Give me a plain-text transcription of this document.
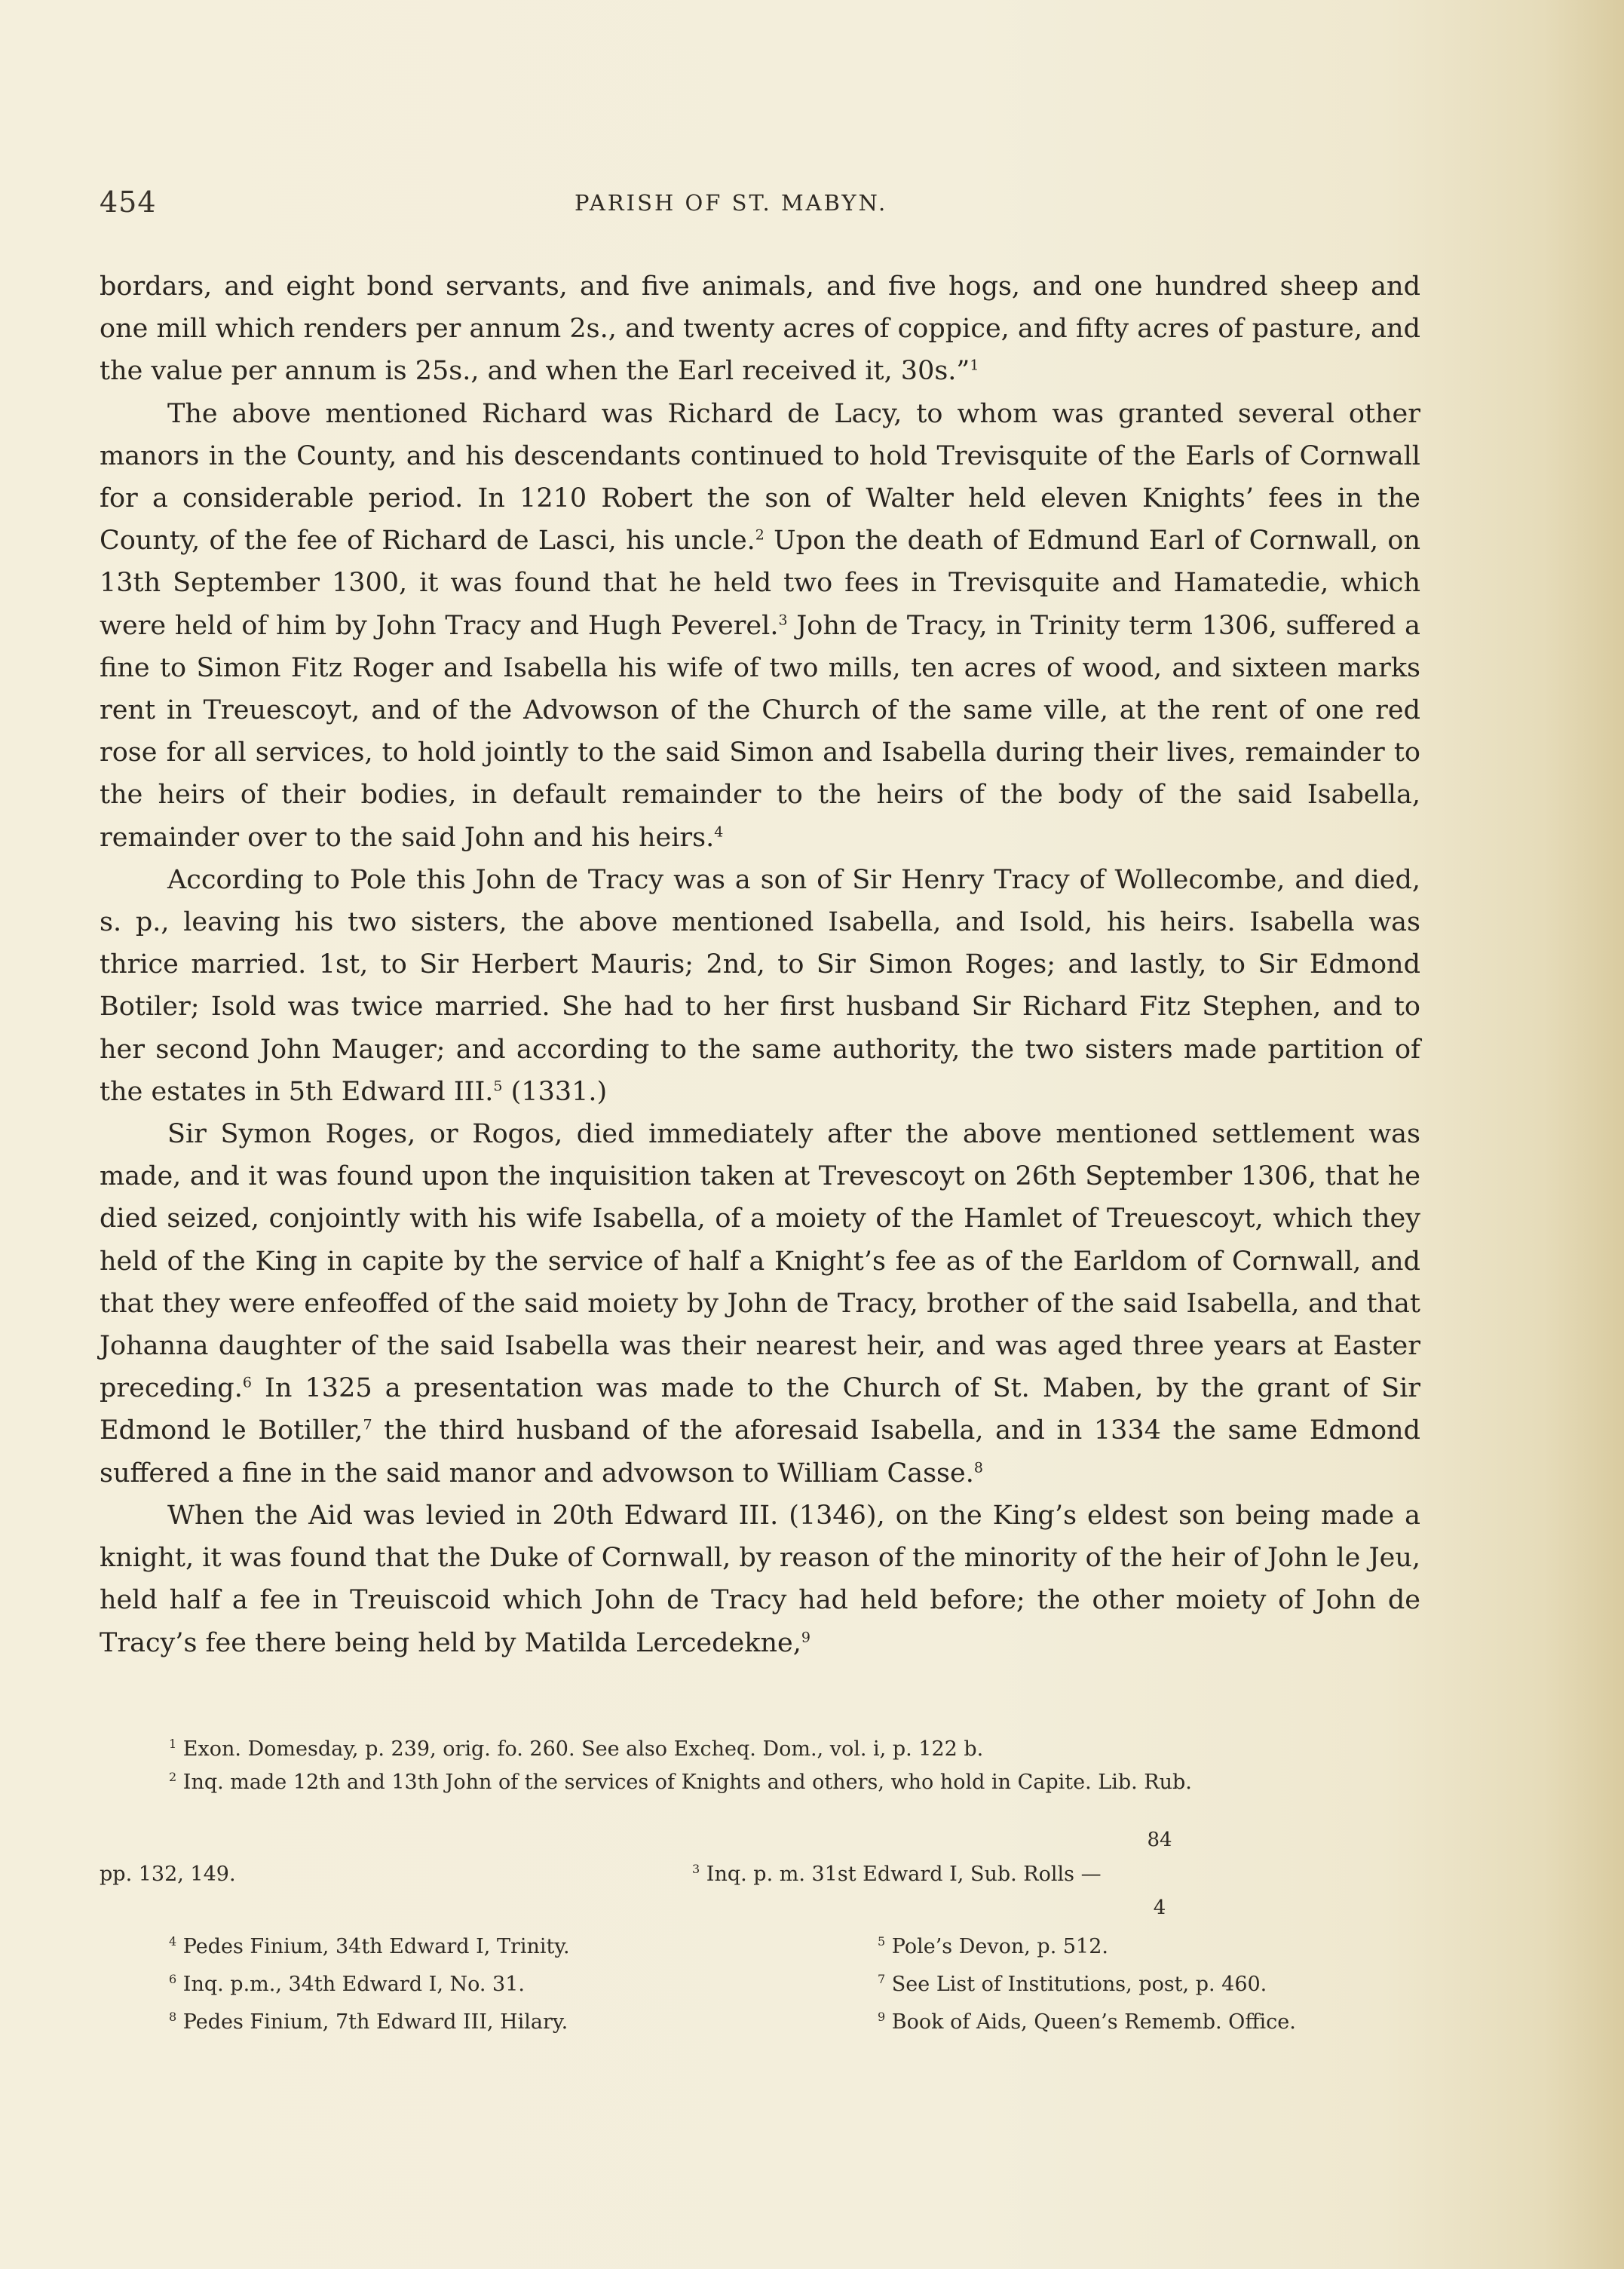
454	PARISH OF ST. MABYN.

bordars, and eight bond servants, and five animals, and five hogs, and one hundred sheep and one mill which renders per annum 2s., and twenty acres of coppice, and fifty acres of pasture, and the value per annum is 25s., and when the Earl received it, 30s.”$^1$

The above mentioned Richard was Richard de Lacy, to whom was granted several other manors in the County, and his descendants continued to hold Trevisquite of the Earls of Cornwall for a considerable period. In 1210 Robert the son of Walter held eleven Knights’ fees in the County, of the fee of Richard de Lasci, his uncle.$^2$ Upon the death of Edmund Earl of Cornwall, on 13th September 1300, it was found that he held two fees in Trevisquite and Hamatedie, which were held of him by John Tracy and Hugh Peverel.$^3$ John de Tracy, in Trinity term 1306, suffered a fine to Simon Fitz Roger and Isabella his wife of two mills, ten acres of wood, and sixteen marks rent in Treuescoyt, and of the Advowson of the Church of the same ville, at the rent of one red rose for all services, to hold jointly to the said Simon and Isabella during their lives, remainder to the heirs of their bodies, in default remainder to the heirs of the body of the said Isabella, remainder over to the said John and his heirs.$^4$

According to Pole this John de Tracy was a son of Sir Henry Tracy of Wollecombe, and died, s. p., leaving his two sisters, the above mentioned Isabella, and Isold, his heirs. Isabella was thrice married. 1st, to Sir Herbert Mauris; 2nd, to Sir Simon Roges; and lastly, to Sir Edmond Botiler; Isold was twice married. She had to her first husband Sir Richard Fitz Stephen, and to her second John Mauger; and according to the same authority, the two sisters made partition of the estates in 5th Edward III.$^5$ (1331.)

Sir Symon Roges, or Rogos, died immediately after the above mentioned settlement was made, and it was found upon the inquisition taken at Trevescoyt on 26th September 1306, that he died seized, conjointly with his wife Isabella, of a moiety of the Hamlet of Treuescoyt, which they held of the King in capite by the service of half a Knight’s fee as of the Earldom of Cornwall, and that they were enfeoffed of the said moiety by John de Tracy, brother of the said Isabella, and that Johanna daughter of the said Isabella was their nearest heir, and was aged three years at Easter preceding.$^6$ In 1325 a presentation was made to the Church of St. Maben, by the grant of Sir Edmond le Botiller,$^7$ the third husband of the aforesaid Isabella, and in 1334 the same Edmond suffered a fine in the said manor and advowson to William Casse.$^8$

When the Aid was levied in 20th Edward III. (1346), on the King’s eldest son being made a knight, it was found that the Duke of Cornwall, by reason of the minority of the heir of John le Jeu, held half a fee in Treuiscoid which John de Tracy had held before; the other moiety of John de Tracy’s fee there being held by Matilda Lercedekne,$^9$

$^1$ Exon. Domesday, p. 239, orig. fo. 260. See also Excheq. Dom., vol. i, p. 122 b.
$^2$ Inq. made 12th and 13th John of the services of Knights and others, who hold in Capite. Lib. Rub.
pp. 132, 149.	$^3$ Inq. p. m. 31st Edward I, Sub. Rolls —
84
4
$^4$ Pedes Finium, 34th Edward I, Trinity.	$^5$ Pole’s Devon, p. 512.
$^6$ Inq. p.m., 34th Edward I, No. 31.	$^7$ See List of Institutions, post, p. 460.
$^8$ Pedes Finium, 7th Edward III, Hilary.	$^9$ Book of Aids, Queen’s Rememb. Office.
